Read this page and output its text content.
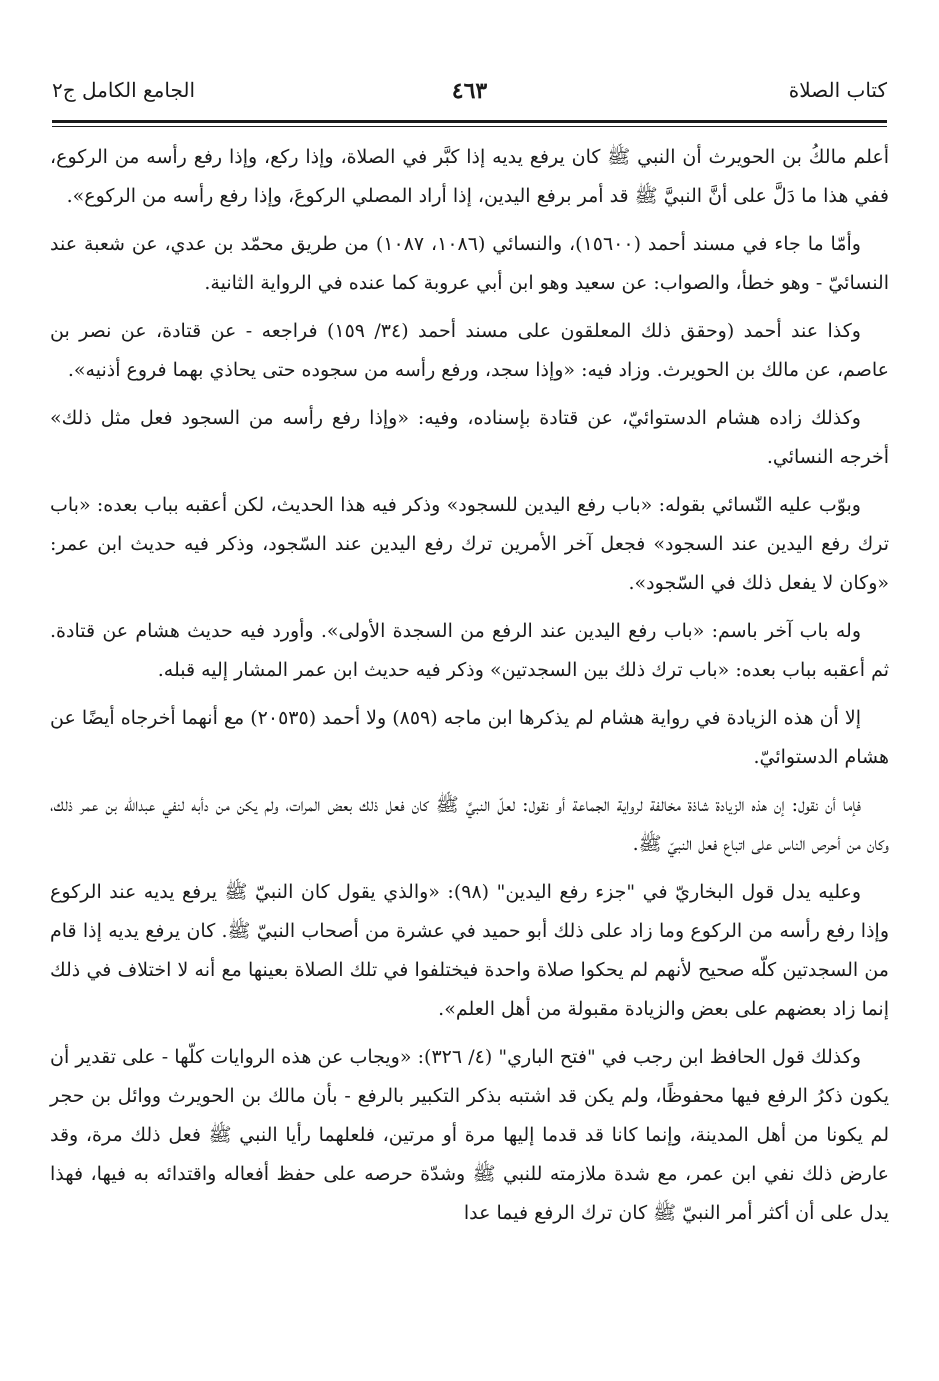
كتاب الصلاة
٤٦٣
الجامع الكامل ج٢

أعلم مالكُ بن الحويرث أن النبي ﷺ كان يرفع يديه إذا كبَّر في الصلاة، وإذا ركع، وإذا رفع رأسه من الركوع، ففي هذا ما دَلَّ على أنَّ النبيَّ ﷺ قد أمر برفع اليدين، إذا أراد المصلي الركوعَ، وإذا رفع رأسه من الركوع».

وأمّا ما جاء في مسند أحمد (١٥٦٠٠)، والنسائي (١٠٨٦، ١٠٨٧) من طريق محمّد بن عدي، عن شعبة عند النسائيّ - وهو خطأ، والصواب: عن سعيد وهو ابن أبي عروبة كما عنده في الرواية الثانية.

وكذا عند أحمد (وحقق ذلك المعلقون على مسند أحمد (٣٤/ ١٥٩) فراجعه - عن قتادة، عن نصر بن عاصم، عن مالك بن الحويرث. وزاد فيه: «وإذا سجد، ورفع رأسه من سجوده حتى يحاذي بهما فروع أذنيه».

وكذلك زاده هشام الدستوائيّ، عن قتادة بإسناده، وفيه: «وإذا رفع رأسه من السجود فعل مثل ذلك» أخرجه النسائي.

وبوّب عليه النّسائي بقوله: «باب رفع اليدين للسجود» وذكر فيه هذا الحديث، لكن أعقبه بباب بعده: «باب ترك رفع اليدين عند السجود» فجعل آخر الأمرين ترك رفع اليدين عند السّجود، وذكر فيه حديث ابن عمر: «وكان لا يفعل ذلك في السّجود».

وله باب آخر باسم: «باب رفع اليدين عند الرفع من السجدة الأولى». وأورد فيه حديث هشام عن قتادة. ثم أعقبه بباب بعده: «باب ترك ذلك بين السجدتين» وذكر فيه حديث ابن عمر المشار إليه قبله.

إلا أن هذه الزيادة في رواية هشام لم يذكرها ابن ماجه (٨٥٩) ولا أحمد (٢٠٥٣٥) مع أنهما أخرجاه أيضًا عن هشام الدستوائيّ.

فإما أن نقول: إن هذه الزيادة شاذة مخالفة لرواية الجماعة أو نقول: لعلّ النبيَّ ﷺ كان فعل ذلك بعض المرات، ولم يكن من دأبه لنفي عبدالله بن عمر ذلك، وكان من أحرص الناس على اتباع فعل النبيّ ﷺ.

وعليه يدل قول البخاريّ في "جزء رفع اليدين" (٩٨): «والذي يقول كان النبيّ ﷺ يرفع يديه عند الركوع وإذا رفع رأسه من الركوع وما زاد على ذلك أبو حميد في عشرة من أصحاب النبيّ ﷺ. كان يرفع يديه إذا قام من السجدتين كلّه صحيح لأنهم لم يحكوا صلاة واحدة فيختلفوا في تلك الصلاة بعينها مع أنه لا اختلاف في ذلك إنما زاد بعضهم على بعض والزيادة مقبولة من أهل العلم».

وكذلك قول الحافظ ابن رجب في "فتح الباري" (٤/ ٣٢٦): «ويجاب عن هذه الروايات كلّها - على تقدير أن يكون ذكرُ الرفع فيها محفوظًا، ولم يكن قد اشتبه بذكر التكبير بالرفع - بأن مالك بن الحويرث ووائل بن حجر لم يكونا من أهل المدينة، وإنما كانا قد قدما إليها مرة أو مرتين، فلعلهما رأيا النبي ﷺ فعل ذلك مرة، وقد عارض ذلك نفي ابن عمر، مع شدة ملازمته للنبي ﷺ وشدّة حرصه على حفظ أفعاله واقتدائه به فيها، فهذا يدل على أن أكثر أمر النبيّ ﷺ كان ترك الرفع فيما عدا
